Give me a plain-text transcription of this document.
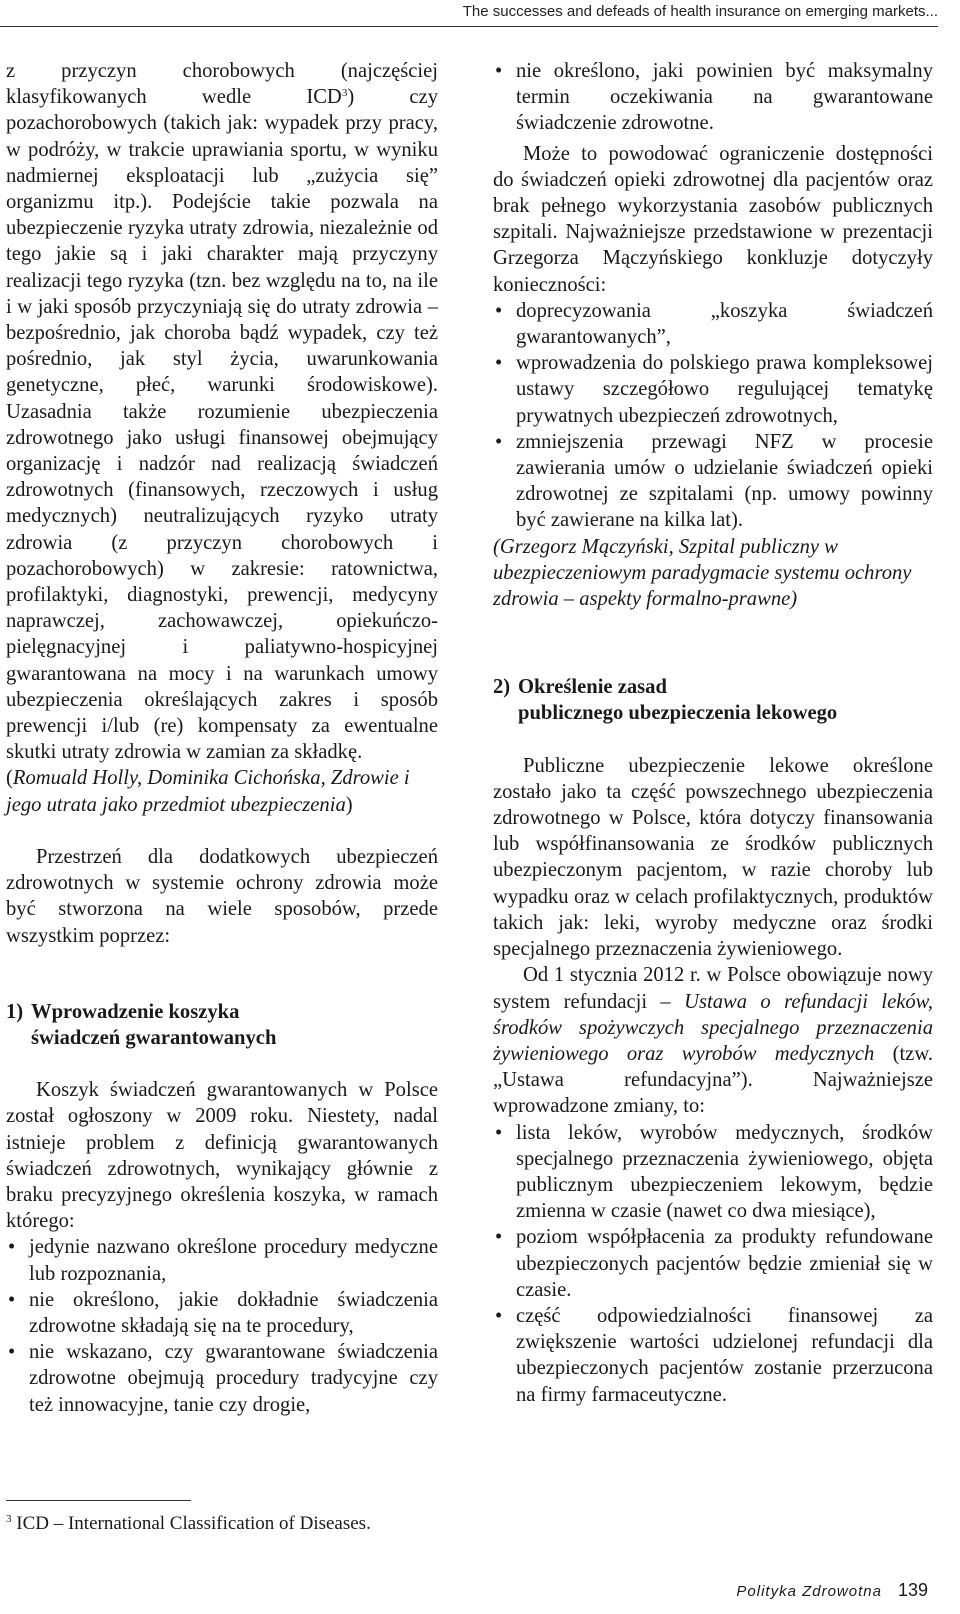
The successes and defeads of health insurance on emerging markets...

z przyczyn chorobowych (najczęściej klasyfikowanych wedle ICD$^3$) czy pozachorobowych (takich jak: wypadek przy pracy, w podróży, w trakcie uprawiania sportu, w wyniku nadmiernej eksploatacji lub „zużycia się” organizmu itp.). Podejście takie pozwala na ubezpieczenie ryzyka utraty zdrowia, niezależnie od tego jakie są i jaki charakter mają przyczyny realizacji tego ryzyka (tzn. bez względu na to, na ile i w jaki sposób przyczyniają się do utraty zdrowia – bezpośrednio, jak choroba bądź wypadek, czy też pośrednio, jak styl życia, uwarunkowania genetyczne, płeć, warunki środowiskowe). Uzasadnia także rozumienie ubezpieczenia zdrowotnego jako usługi finansowej obejmujący organizację i nadzór nad realizacją świadczeń zdrowotnych (finansowych, rzeczowych i usług medycznych) neutralizujących ryzyko utraty zdrowia (z przyczyn chorobowych i pozachorobowych) w zakresie: ratownictwa, profilaktyki, diagnostyki, prewencji, medycyny naprawczej, zachowawczej, opiekuńczo-pielęgnacyjnej i paliatywno-hospicyjnej gwarantowana na mocy i na warunkach umowy ubezpieczenia określających zakres i sposób prewencji i/lub (re) kompensaty za ewentualne skutki utraty zdrowia w zamian za składkę.

(Romuald Holly, Dominika Cichońska, Zdrowie i jego utrata jako przedmiot ubezpieczenia)

Przestrzeń dla dodatkowych ubezpieczeń zdrowotnych w systemie ochrony zdrowia może być stworzona na wiele sposobów, przede wszystkim poprzez:

1) Wprowadzenie koszyka
świadczeń gwarantowanych

Koszyk świadczeń gwarantowanych w Polsce został ogłoszony w 2009 roku. Niestety, nadal istnieje problem z definicją gwarantowanych świadczeń zdrowotnych, wynikający głównie z braku precyzyjnego określenia koszyka, w ramach którego:

• jedynie nazwano określone procedury medyczne lub rozpoznania,
• nie określono, jakie dokładnie świadczenia zdrowotne składają się na te procedury,
• nie wskazano, czy gwarantowane świadczenia zdrowotne obejmują procedury tradycyjne czy też innowacyjne, tanie czy drogie,
• nie określono, jaki powinien być maksymalny termin oczekiwania na gwarantowane świadczenie zdrowotne.

Może to powodować ograniczenie dostępności do świadczeń opieki zdrowotnej dla pacjentów oraz brak pełnego wykorzystania zasobów publicznych szpitali. Najważniejsze przedstawione w prezentacji Grzegorza Mączyńskiego konkluzje dotyczyły konieczności:

• doprecyzowania „koszyka świadczeń gwarantowanych”,
• wprowadzenia do polskiego prawa kompleksowej ustawy szczegółowo regulującej tematykę prywatnych ubezpieczeń zdrowotnych,
• zmniejszenia przewagi NFZ w procesie zawierania umów o udzielanie świadczeń opieki zdrowotnej ze szpitalami (np. umowy powinny być zawierane na kilka lat).

(Grzegorz Mączyński, Szpital publiczny w ubezpieczeniowym paradygmacie systemu ochrony zdrowia – aspekty formalno-prawne)

2) Określenie zasad
publicznego ubezpieczenia lekowego

Publiczne ubezpieczenie lekowe określone zostało jako ta część powszechnego ubezpieczenia zdrowotnego w Polsce, która dotyczy finansowania lub współfinansowania ze środków publicznych ubezpieczonym pacjentom, w razie choroby lub wypadku oraz w celach profilaktycznych, produktów takich jak: leki, wyroby medyczne oraz środki specjalnego przeznaczenia żywieniowego.

Od 1 stycznia 2012 r. w Polsce obowiązuje nowy system refundacji – Ustawa o refundacji leków, środków spożywczych specjalnego przeznaczenia żywieniowego oraz wyrobów medycznych (tzw. „Ustawa refundacyjna”). Najważniejsze wprowadzone zmiany, to:

• lista leków, wyrobów medycznych, środków specjalnego przeznaczenia żywieniowego, objęta publicznym ubezpieczeniem lekowym, będzie zmienna w czasie (nawet co dwa miesiące),
• poziom współpłacenia za produkty refundowane ubezpieczonych pacjentów będzie zmieniał się w czasie.
• część odpowiedzialności finansowej za zwiększenie wartości udzielonej refundacji dla ubezpieczonych pacjentów zostanie przerzucona na firmy farmaceutyczne.
$^3$ ICD – International Classification of Diseases.
Polityka Zdrowotna 139
